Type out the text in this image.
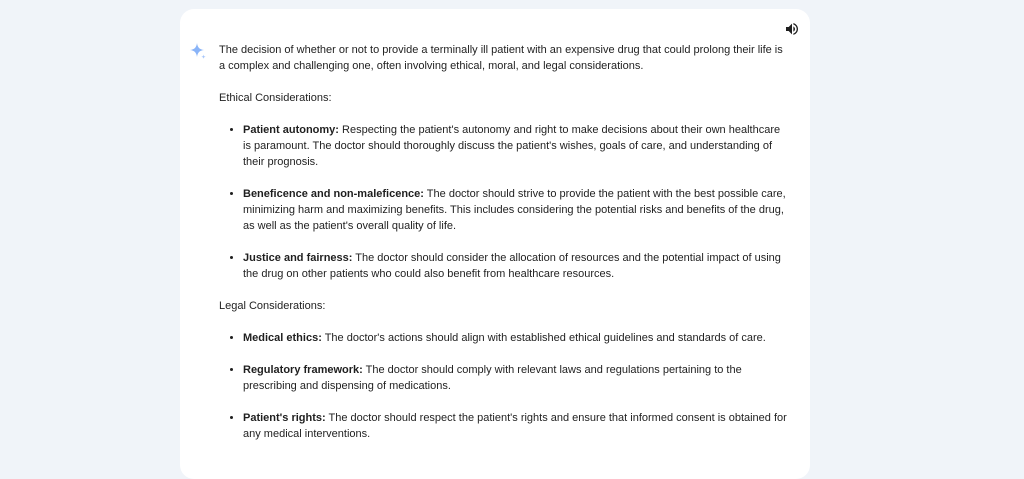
The decision of whether or not to provide a terminally ill patient with an expensive drug that could prolong their life is a complex and challenging one, often involving ethical, moral, and legal considerations.

Ethical Considerations:

• Patient autonomy: Respecting the patient's autonomy and right to make decisions about their own healthcare is paramount. The doctor should thoroughly discuss the patient's wishes, goals of care, and understanding of their prognosis.
• Beneficence and non-maleficence: The doctor should strive to provide the patient with the best possible care, minimizing harm and maximizing benefits. This includes considering the potential risks and benefits of the drug, as well as the patient's overall quality of life.
• Justice and fairness: The doctor should consider the allocation of resources and the potential impact of using the drug on other patients who could also benefit from healthcare resources.

Legal Considerations:

• Medical ethics: The doctor's actions should align with established ethical guidelines and standards of care.
• Regulatory framework: The doctor should comply with relevant laws and regulations pertaining to the prescribing and dispensing of medications.
• Patient's rights: The doctor should respect the patient's rights and ensure that informed consent is obtained for any medical interventions.
